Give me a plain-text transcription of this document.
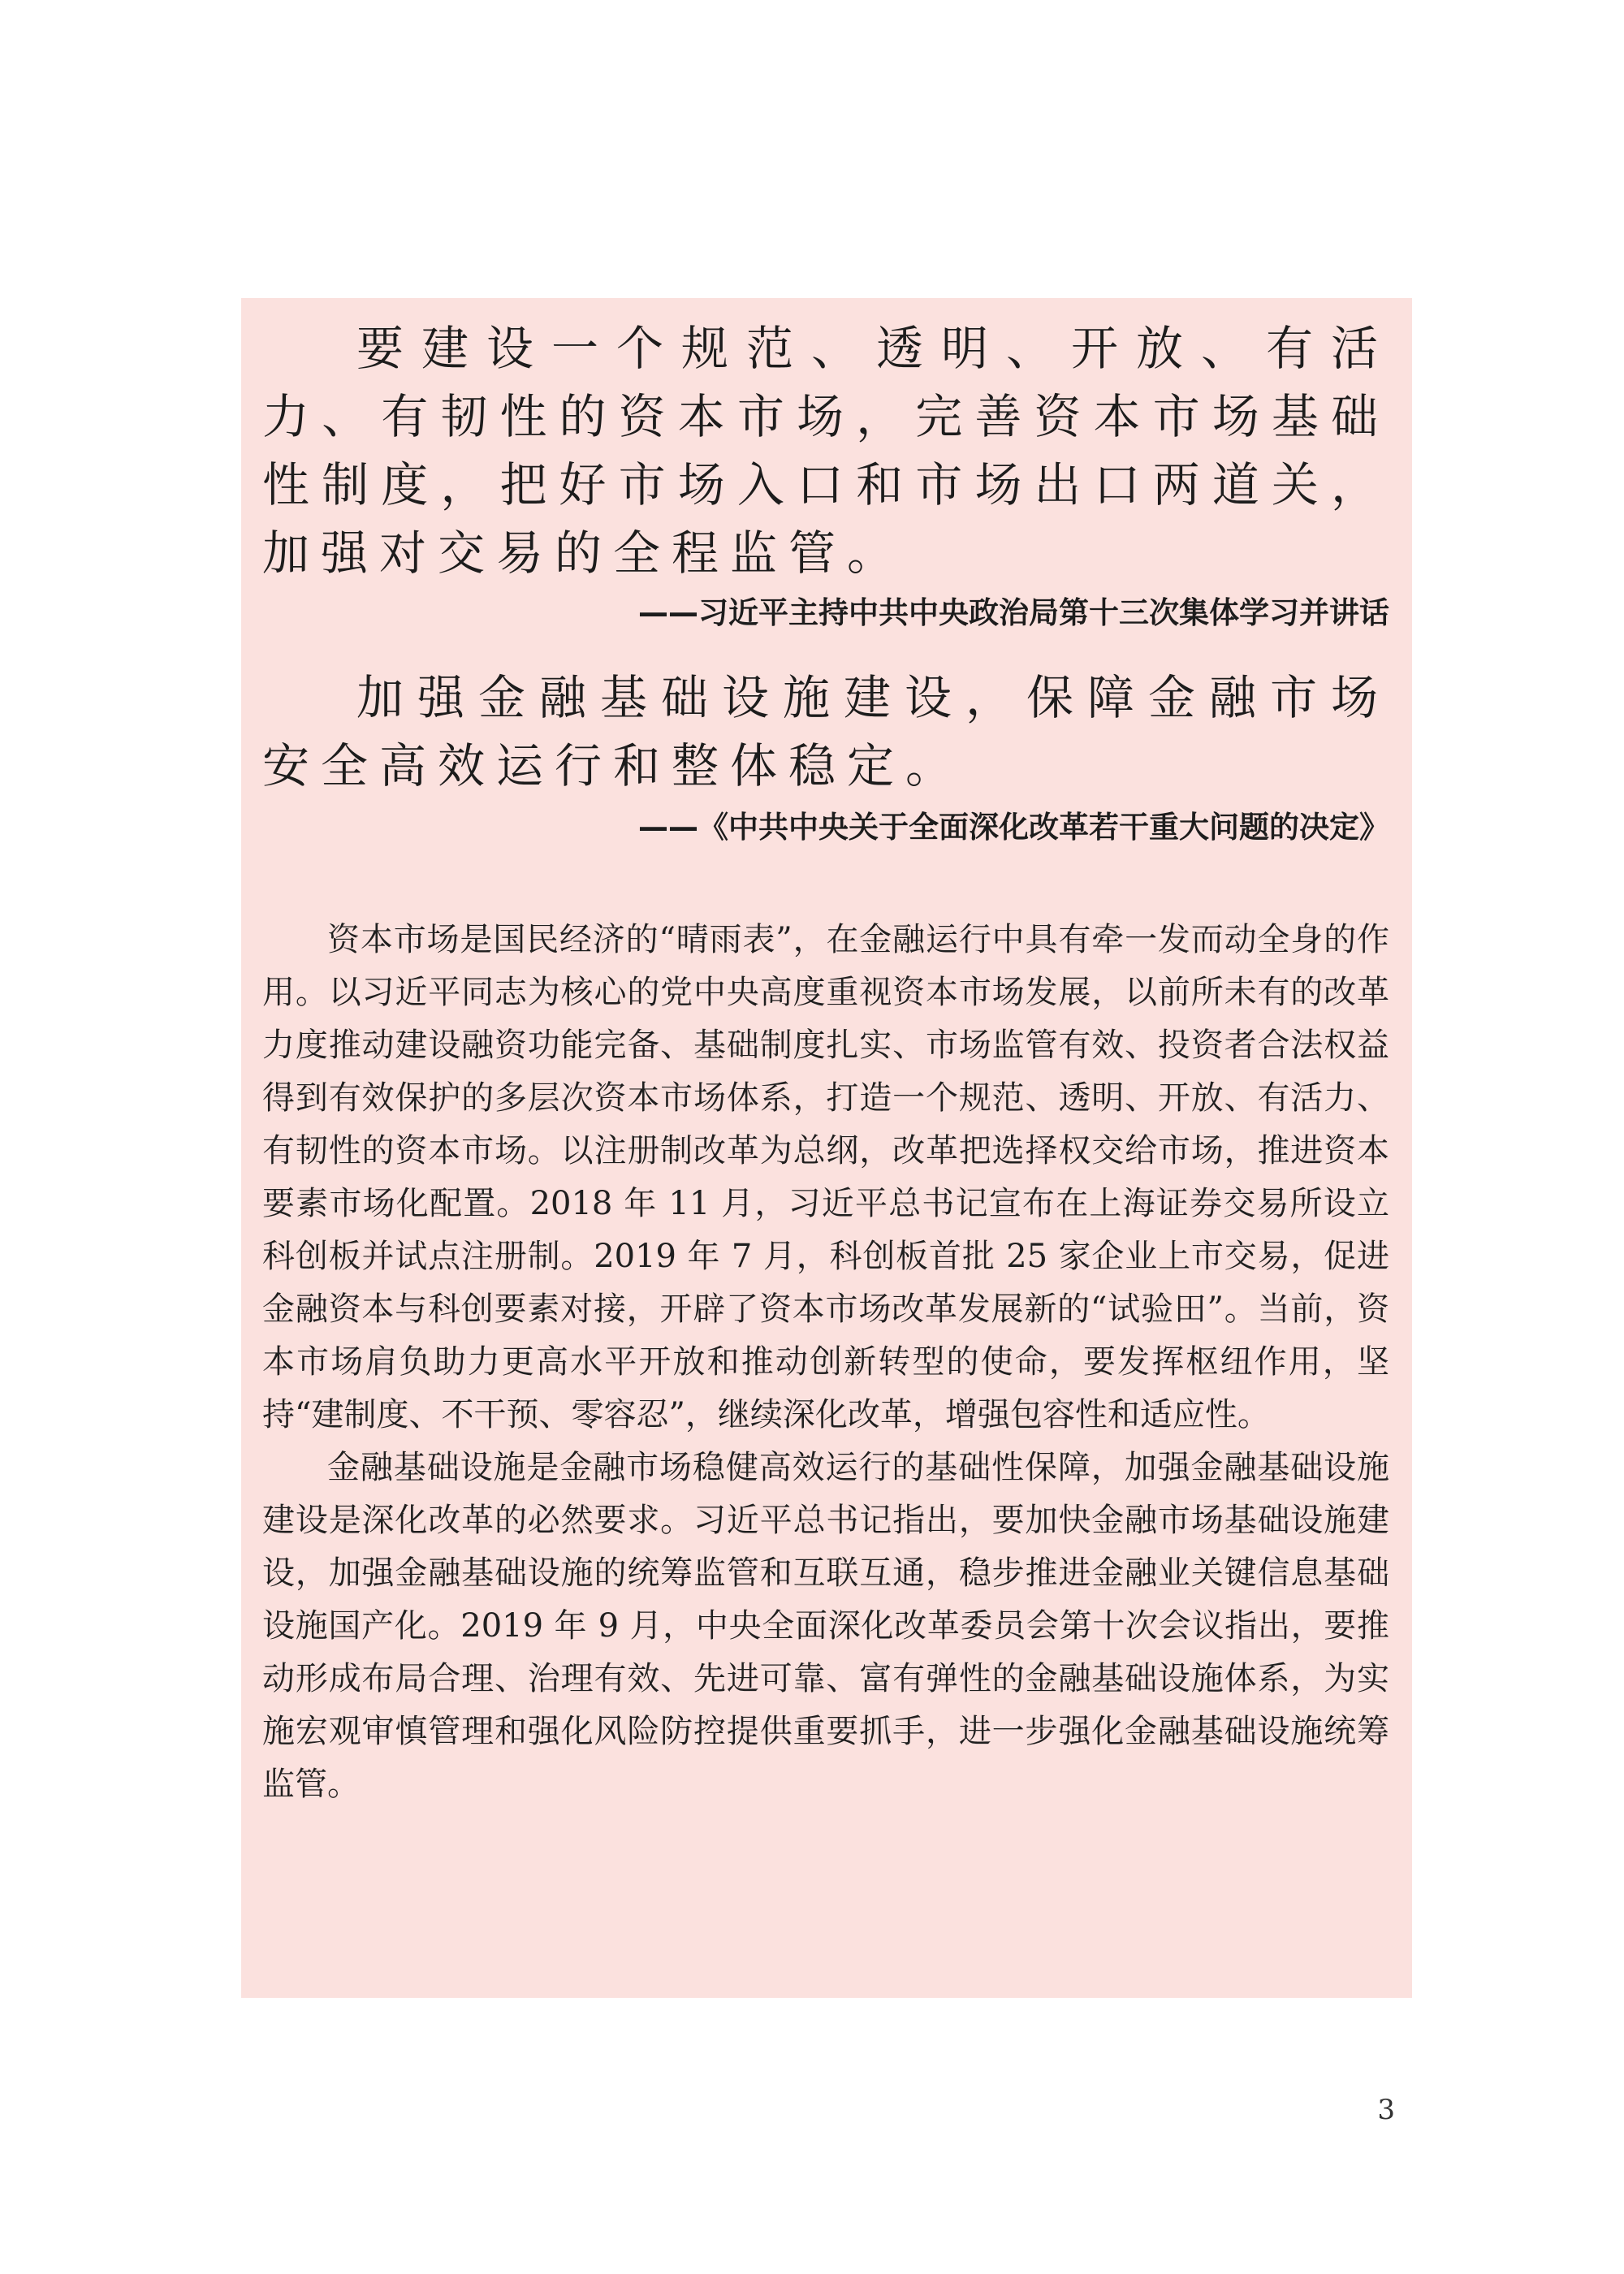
要建设一个规范、透明、开放、有活力、有韧性的资本市场，完善资本市场基础性制度，把好市场入口和市场出口两道关，加强对交易的全程监管。

——习近平主持中共中央政治局第十三次集体学习并讲话

加强金融基础设施建设，保障金融市场安全高效运行和整体稳定。

——《中共中央关于全面深化改革若干重大问题的决定》

资本市场是国民经济的“晴雨表”，在金融运行中具有牵一发而动全身的作用。以习近平同志为核心的党中央高度重视资本市场发展，以前所未有的改革力度推动建设融资功能完备、基础制度扎实、市场监管有效、投资者合法权益得到有效保护的多层次资本市场体系，打造一个规范、透明、开放、有活力、有韧性的资本市场。以注册制改革为总纲，改革把选择权交给市场，推进资本要素市场化配置。2018 年 11 月，习近平总书记宣布在上海证券交易所设立科创板并试点注册制。2019 年 7 月，科创板首批 25 家企业上市交易，促进金融资本与科创要素对接，开辟了资本市场改革发展新的“试验田”。当前，资本市场肩负助力更高水平开放和推动创新转型的使命，要发挥枢纽作用，坚持“建制度、不干预、零容忍”，继续深化改革，增强包容性和适应性。

金融基础设施是金融市场稳健高效运行的基础性保障，加强金融基础设施建设是深化改革的必然要求。习近平总书记指出，要加快金融市场基础设施建设，加强金融基础设施的统筹监管和互联互通，稳步推进金融业关键信息基础设施国产化。2019 年 9 月，中央全面深化改革委员会第十次会议指出，要推动形成布局合理、治理有效、先进可靠、富有弹性的金融基础设施体系，为实施宏观审慎管理和强化风险防控提供重要抓手，进一步强化金融基础设施统筹监管。

3
